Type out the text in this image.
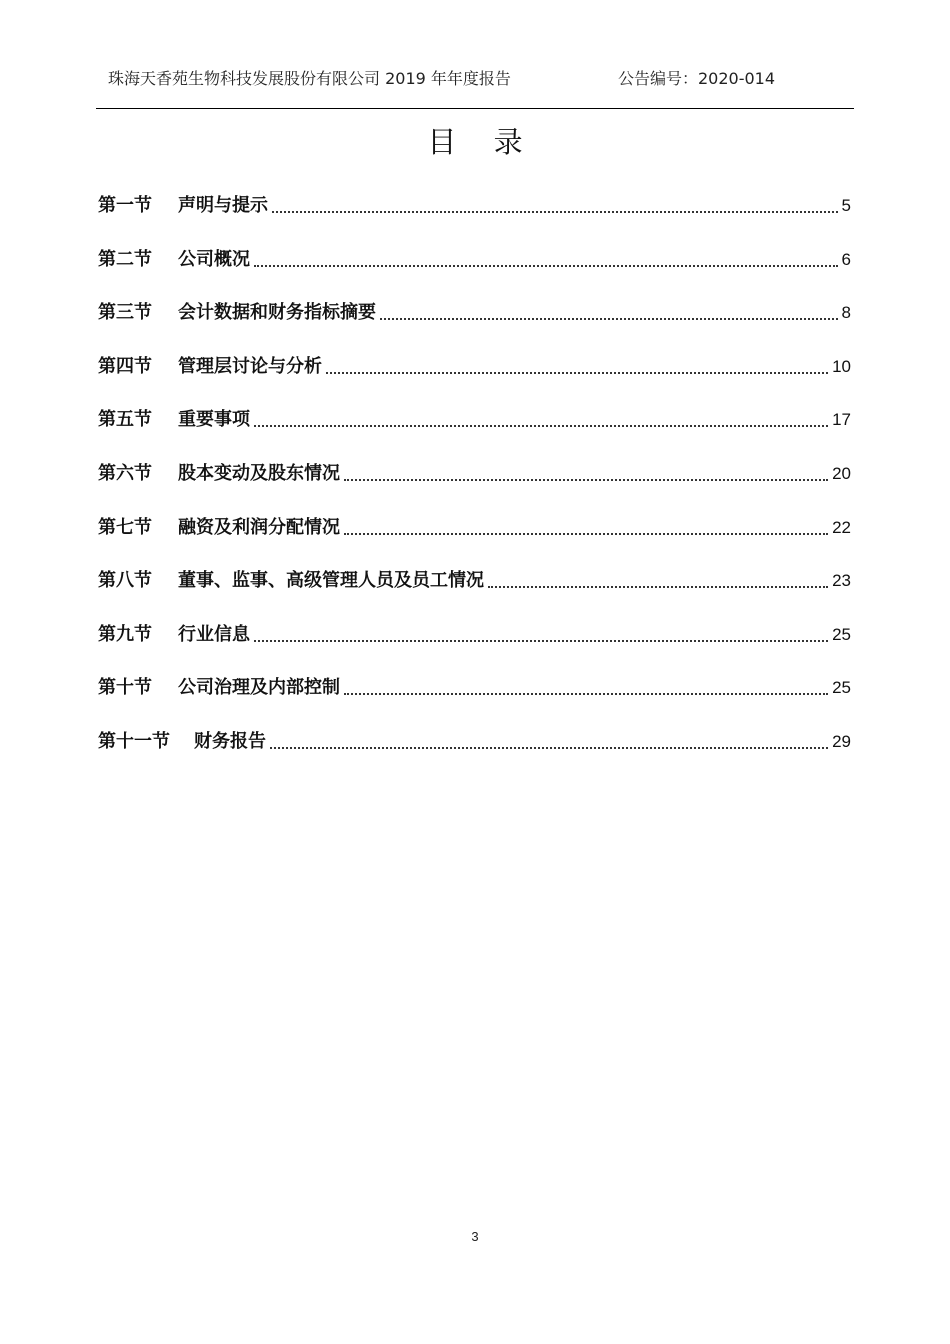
珠海天香苑生物科技发展股份有限公司 2019 年年度报告	公告编号：2020-014
目 录
第一节	声明与提示	5
第二节	公司概况	6
第三节	会计数据和财务指标摘要	8
第四节	管理层讨论与分析	10
第五节	重要事项	17
第六节	股本变动及股东情况	20
第七节	融资及利润分配情况	22
第八节	董事、监事、高级管理人员及员工情况	23
第九节	行业信息	25
第十节	公司治理及内部控制	25
第十一节	财务报告	29
3
